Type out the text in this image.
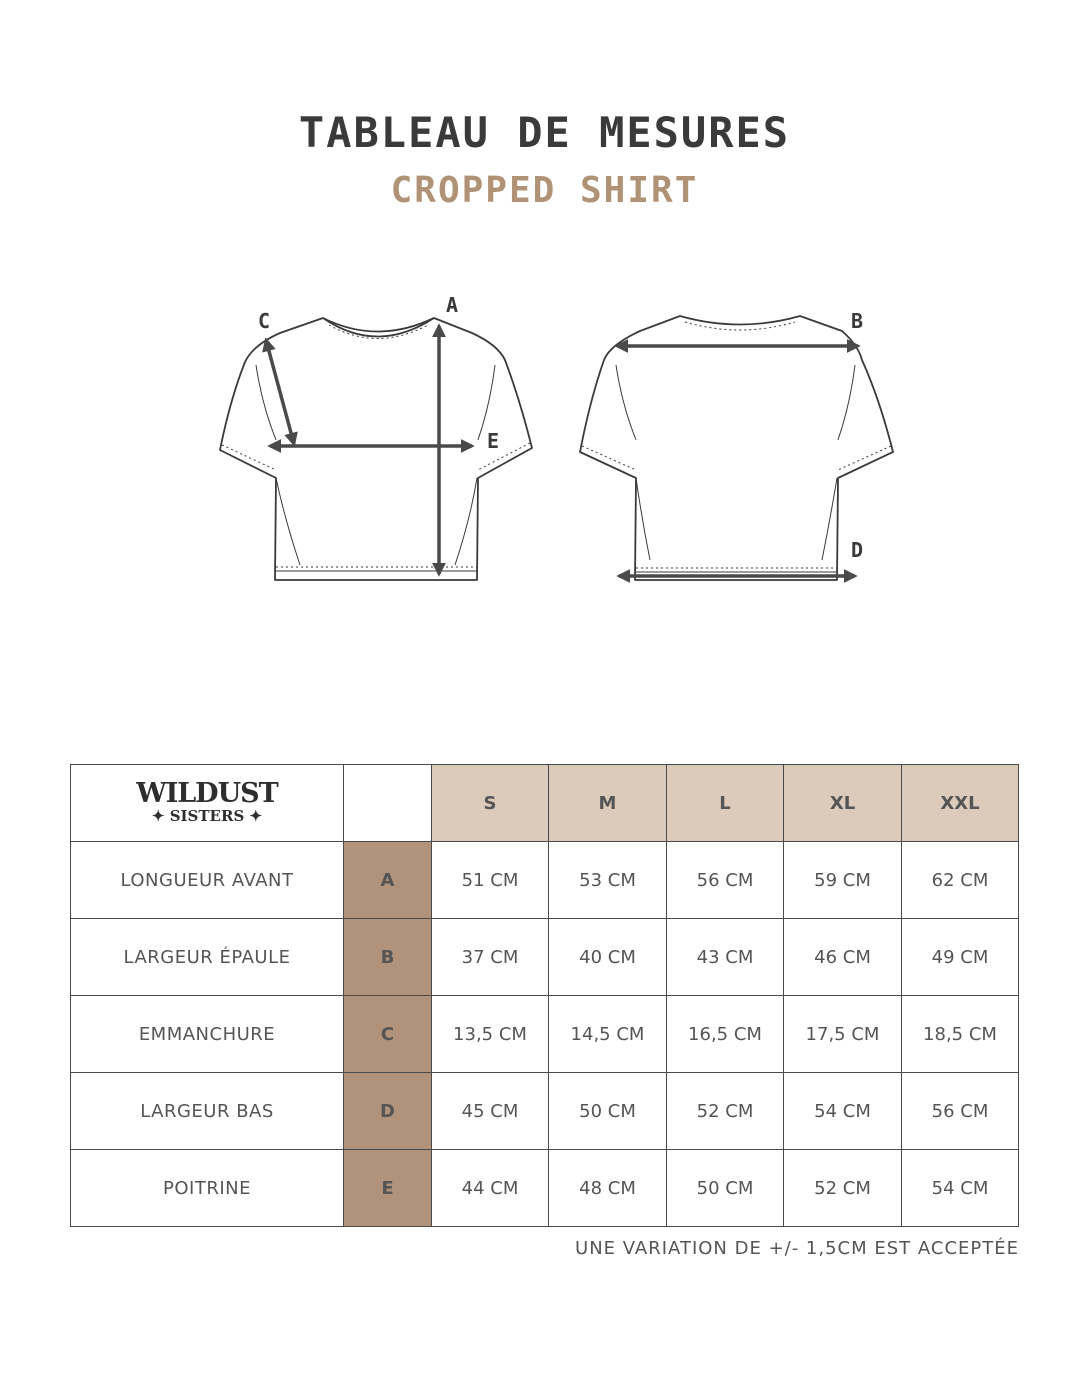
TABLEAU DE MESURES
CROPPED SHIRT
A
C
E
B
D
WILDUST
✦ SISTERS ✦		S	M	L	XL	XXL
LONGUEUR AVANT	A	51 CM	53 CM	56 CM	59 CM	62 CM
LARGEUR ÉPAULE	B	37 CM	40 CM	43 CM	46 CM	49 CM
EMMANCHURE	C	13,5 CM	14,5 CM	16,5 CM	17,5 CM	18,5 CM
LARGEUR BAS	D	45 CM	50 CM	52 CM	54 CM	56 CM
POITRINE	E	44 CM	48 CM	50 CM	52 CM	54 CM
UNE VARIATION DE +/- 1,5CM EST ACCEPTÉE
